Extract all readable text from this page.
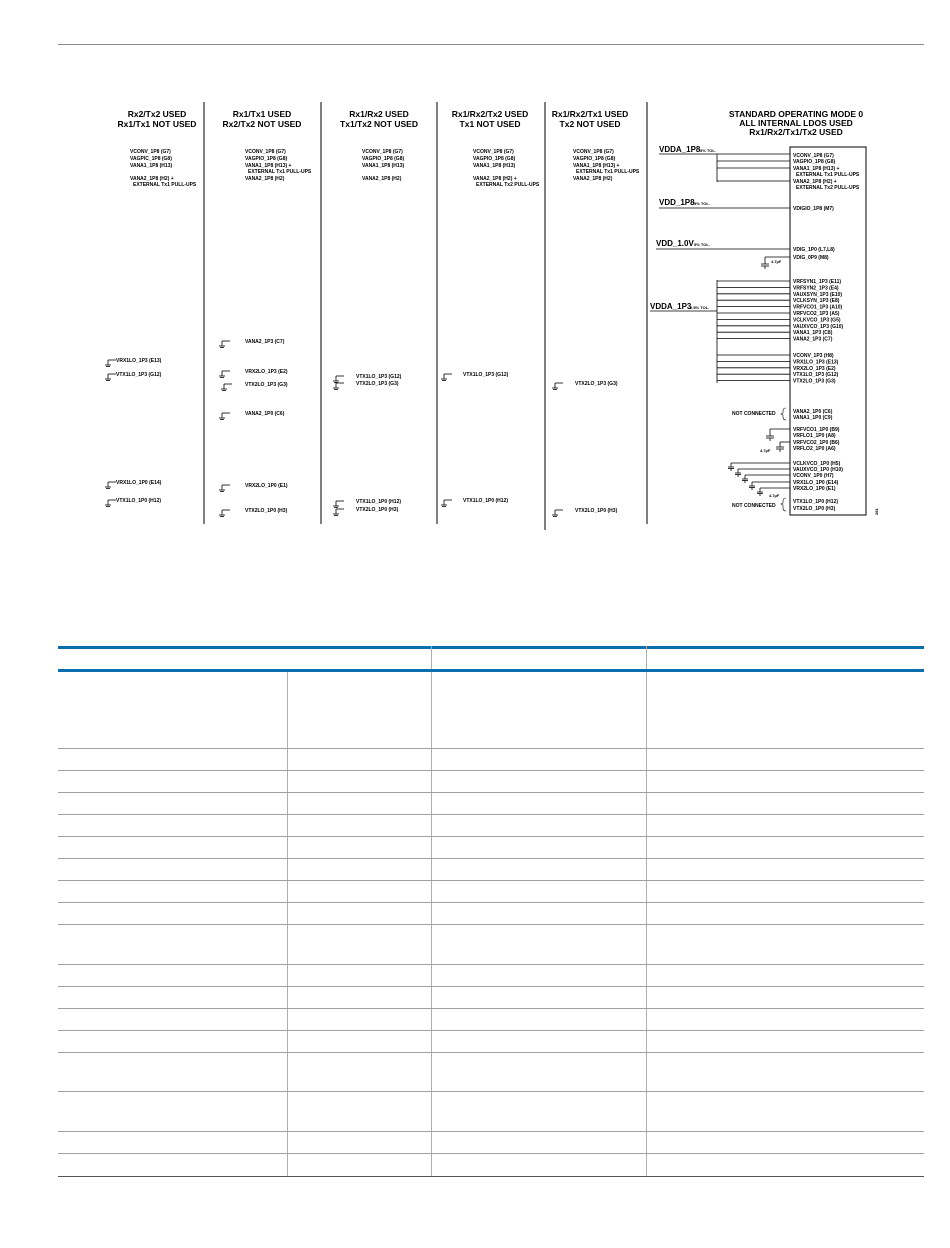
Rx2/Tx2 USED
Rx1/Tx1 NOT USED
VCONV_1P8 (G7)
VAGPIC_1P8 (G8)
VANA1_1P8 (H13)
VANA2_1P8 (H2) +
EXTERNAL Tx1 PULL-UPS
VRX1LO_1P3 (E13)
VTX1LO_1P3 (G12)
VRX1LO_1P0 (E14)
VTX1LO_1P0 (H12)
Rx1/Tx1 USED
Rx2/Tx2 NOT USED
VCONV_1P8 (G7)
VAGPIO_1P8 (G8)
VANA1_1P8 (H13) +
EXTERNAL Tx1 PULL-UPS
VANA2_1P8 (H2)
VANA2_1P3 (C7)
VRX2LO_1P3 (E2)
VTX2LO_1P3 (G3)
VANA2_1P0 (C6)
VRX2LO_1P0 (E1)
VTX2LO_1P0 (H3)
Rx1/Rx2 USED
Tx1/Tx2 NOT USED
VCONV_1P8 (G7)
VAGPIO_1P8 (G8)
VANA1_1P8 (H13)
VANA2_1P8 (H2)
VTX1LO_1P3 (G12)
VTX2LO_1P3 (G3)
VTX1LO_1P0 (H12)
VTX2LO_1P0 (H3)
Rx1/Rx2/Tx2 USED
Tx1 NOT USED
VCONV_1P8 (G7)
VAGPIO_1P8 (G8)
VANA1_1P8 (H13)
VANA2_1P8 (H2) +
EXTERNAL Tx2 PULL-UPS
VTX1LO_1P3 (G12)
VTX1LO_1P0 (H12)
Rx1/Rx2/Tx1 USED
Tx2 NOT USED
VCONV_1P8 (G7)
VAGPIO_1P8 (G8)
VANA1_1P8 (H13) +
EXTERNAL Tx1 PULL-UPS
VANA2_1P8 (H2)
VTX2LO_1P3 (G3)
VTX2LO_1P0 (H3)
STANDARD OPERATING MODE 0
ALL INTERNAL LDOS USED
Rx1/Rx2/Tx1/Tx2 USED
VDDA_1P8 5% TOL.
VCONV_1P8 (G7)
VAGPIO_1P8 (G8)
VANA1_1P8 (H13) +
EXTERNAL Tx1 PULL-UPS
VANA2_1P8 (H2) +
EXTERNAL Tx2 PULL-UPS
VDD_1P8 5% TOL.
VDIGIO_1P8 (M7)
VDD_1.0V 5% TOL.
VDIG_1P0 (L7,L8)
VDIG_0P9 (M8)
4.7µF
VDDA_1P3
2.5% TOL.
VRFSYN1_1P3 (E11)
VRFSYN2_1P3 (E4)
VAUXSYN_1P3 (E10)
VCLKSYN_1P3 (E8)
VRFVCO1_1P3 (A10)
VRFVCO2_1P3 (A5)
VCLKVCO_1P3 (G5)
VAUXVCO_1P3 (G10)
VANA1_1P3 (C8)
VANA2_1P3 (C7)
VCONV_1P3 (H8)
VRX1LO_1P3 (E13)
VRX2LO_1P3 (E2)
VTX1LO_1P3 (G12)
VTX2LO_1P3 (G3)
NOT CONNECTED	VANA2_1P0 (C6)
VANA1_1P0 (C9)
VRFVCO1_1P0 (B9)
VRFLO1_1P0 (A8)
VRFVCO2_1P0 (B6)
VRFLO2_1P0 (A6)
4.7µF
VCLKVCO_1P0 (H5)
VAUXVCO_1P0 (H10)
VCONV_1P0 (H7)
VRX1LO_1P0 (E14)
VRX2LO_1P0 (E1)
4.7µF
NOT CONNECTED
VTX1LO_1P0 (H12)
VTX2LO_1P0 (H3)	281
